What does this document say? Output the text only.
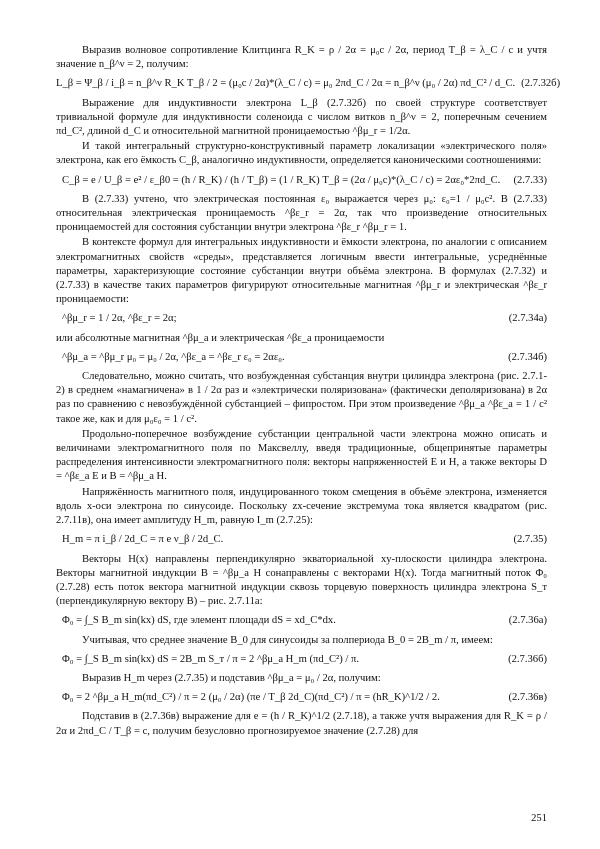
Выразив волновое сопротивление Клитцинга R_K = ρ / 2α = μ₀c / 2α, период T_β = λ_C / c и учтя значение n_β^ν = 2, получим:

L_β = Ψ_β / i_β = n_β^ν R_K T_β / 2 = (μ₀c / 2α)*(λ_C / c) = μ₀ 2πd_C / 2α = n_β^ν (μ₀ / 2α) πd_C² / d_C. (2.7.32б)

Выражение для индуктивности электрона L_β (2.7.32б) по своей структуре соответствует тривиальной формуле для индуктивности соленоида с числом витков n_β^ν = 2, поперечным сечением πd_C², длиной d_C и относительной магнитной проницаемостью ^βμ_r = 1/2α.

И такой интегральный структурно-конструктивный параметр локализации «электрического поля» электрона, как его ёмкость C_β, аналогично индуктивности, определяется каноническими соотношениями:

C_β = e / U_β = e² / ε_β0 = (h / R_K) / (h / T_β) = (1 / R_K) T_β = (2α / μ₀c)*(λ_C / c) = 2αε₀*2πd_C.	(2.7.33)

В (2.7.33) учтено, что электрическая постоянная ε₀ выражается через μ₀: ε₀=1 / μ₀c². В (2.7.33) относительная электрическая проницаемость ^βε_r = 2α, так что произведение относительных проницаемостей для состояния субстанции внутри электрона ^βε_r ^βμ_r = 1.

В контексте формул для интегральных индуктивности и ёмкости электрона, по аналогии с описанием электромагнитных свойств «среды», представляется логичным ввести интегральные, усреднённые параметры, характеризующие состояние субстанции внутри объёма электрона. В формулах (2.7.32) и (2.7.33) в качестве таких параметров фигурируют относительные магнитная ^βμ_r и электрическая ^βε_r проницаемости:

^βμ_r = 1 / 2α, ^βε_r = 2α;	(2.7.34а)

или абсолютные магнитная ^βμ_a и электрическая ^βε_a проницаемости

^βμ_a = ^βμ_r μ₀ = μ₀ / 2α, ^βε_a = ^βε_r ε₀ = 2αε₀.	(2.7.34б)

Следовательно, можно считать, что возбужденная субстанция внутри цилиндра электрона (рис. 2.7.1-2) в среднем «намагничена» в 1 / 2α раз и «электрически поляризована» (фактически деполяризована) в 2α раз по сравнению с невозбуждённой субстанцией – фипростом. При этом произведение ^βμ_a ^βε_a = 1 / c² такое же, как и для μ₀ε₀ = 1 / c².

Продольно-поперечное возбуждение субстанции центральной части электрона можно описать и величинами электромагнитного поля по Максвеллу, введя традиционные, общепринятые параметры распределения интенсивности электромагнитного поля: векторы напряженностей E и H, а также векторы D = ^βε_a E и B = ^βμ_a H.

Напряжённость магнитного поля, индуцированного током смещения в объёме электрона, изменяется вдоль x-оси электрона по синусоиде. Поскольку zx-сечение экстремума тока является квадратом (рис. 2.7.11в), она имеет амплитуду H_m, равную I_m (2.7.25):

H_m = π i_β / 2d_C = π e ν_β / 2d_C.	(2.7.35)

Векторы H(x) направлены перпендикулярно экваториальной xy-плоскости цилиндра электрона. Векторы магнитной индукции B = ^βμ_a H сонаправлены с векторами H(x). Тогда магнитный поток Φ₀ (2.7.28) есть поток вектора магнитной индукции сквозь торцевую поверхность цилиндра электрона S_т (перпендикулярную вектору B) – рис. 2.7.11а:

Φ₀ = ∫_S B_m sin(kx) dS, где элемент площади dS = xd_C*dx.	(2.7.36а)

Учитывая, что среднее значение B_0 для синусоиды за полпериода B_0 = 2B_m / π, имеем:

Φ₀ = ∫_S B_m sin(kx) dS = 2B_m S_т / π = 2 ^βμ_a H_m (πd_C²) / π.	(2.7.36б)

Выразив H_m через (2.7.35) и подставив ^βμ_a = μ₀ / 2α, получим:

Φ₀ = 2 ^βμ_a H_m(πd_C²) / π = 2 (μ₀ / 2α) (πe / T_β 2d_C)(πd_C²) / π = (hR_K)^1/2 / 2.	(2.7.36в)

Подставив в (2.7.36в) выражение для e = (h / R_K)^1/2 (2.7.18), а также учтя выражения для R_K = ρ / 2α и 2πd_C / T_β = c, получим безусловно прогнозируемое значение (2.7.28) для

251
